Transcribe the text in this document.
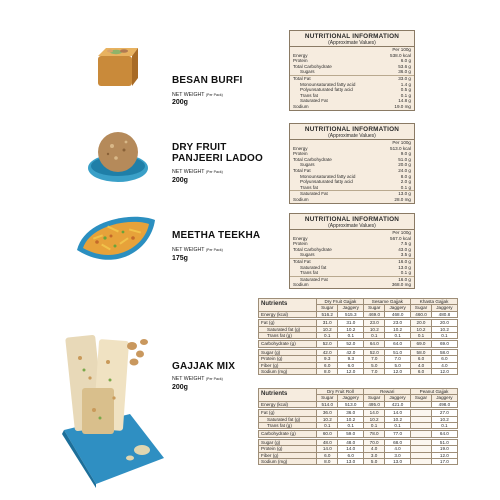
BESAN BURFI
NET WEIGHT (Per Pack)
200g
NUTRITIONAL INFORMATION
(Approximate Values)
	Per 100g
Energy	538.0 kcal
Protein	6.0 g
Total Carbohydrate	53.6 g
Sugars	36.0 g
Total Fat	33.0 g
Monounsaturated fatty acid	1.4 g
Polyunsaturated fatty acid	0.5 g
Trans fat	0.1 g
Saturated Fat	14.8 g
Sodium	19.0 mg
DRY FRUIT
PANJEERI LADOO
NET WEIGHT (Per Pack)
200g
NUTRITIONAL INFORMATION
(Approximate Values)
	Per 100g
Energy	513.0 kcal
Protein	9.0 g
Total Carbohydrate	51.0 g
Sugars	20.0 g
Total Fat	24.0 g
Monounsaturated fatty acid	8.0 g
Polyunsaturated fatty acid	2.0 g
Trans fat	0.1 g
Saturated Fat	13.0 g
Sodium	28.0 mg
MEETHA TEEKHA
NET WEIGHT (Per Pack)
175g
NUTRITIONAL INFORMATION
(Approximate Values)
	Per 100g
Energy	567.0 kcal
Protein	7.5 g
Total Carbohydrate	43.0 g
Sugars	3.5 g
Total Fat	16.0 g
Saturated fat	13.0 g
Trans fat	0.1 g
Saturated Fat	16.0 g
Sodium	368.0 mg
GAJJAK MIX
NET WEIGHT (Per Pack)
200g
Nutrients	Dry Fruit Gajjak		Sesame Gajjak		Khasta Gajjak	
	Sugar	Jaggery	Sugar	Jaggery	Sugar	Jaggery
Energy (kcal)	516.2	515.3	469.0	468.0	460.0	480.8

Fat (g)	31.0	31.0	23.0	23.0	20.0	20.0
Saturated fat (g)	10.2	10.2	10.2	10.2	10.2	10.2
Trans fat (g)	0.1	0.1	0.1	0.1	0.1	0.1

Carbohydrate (g)	52.0	52.0	64.0	64.0	69.0	69.0

Sugar (g)	42.0	42.0	52.0	51.0	58.0	58.0
Protein (g)	9.3	9.3	7.0	7.0	6.0	6.0
Fiber (g)	6.0	6.0	5.0	5.0	4.0	4.0
Sodium (mg)	8.0	12.0	7.0	12.0	6.0	12.0
Nutrients	Dry Fruit Roll		Rewari		Peanut Gajjak	
	Sugar	Jaggery	Sugar	Jaggery	Sugar	Jaggery
Energy (kcal)	514.0	513.0	495.0	421.0		498.0

Fat (g)	36.0	36.0	14.0	14.0		27.0
Saturated fat (g)	10.2	10.2	10.2	10.2		10.2
Trans fat (g)	0.1	0.1	0.1	0.1		0.1

Carbohydrate (g)	60.0	59.0	78.0	77.0		64.0

Sugar (g)	48.0	48.0	70.0	68.0		51.0
Protein (g)	14.0	14.0	4.0	4.0		19.0
Fiber (g)	6.0	6.0	3.0	3.0		12.0
Sodium (mg)	8.0	13.0	5.0	13.0		17.0
